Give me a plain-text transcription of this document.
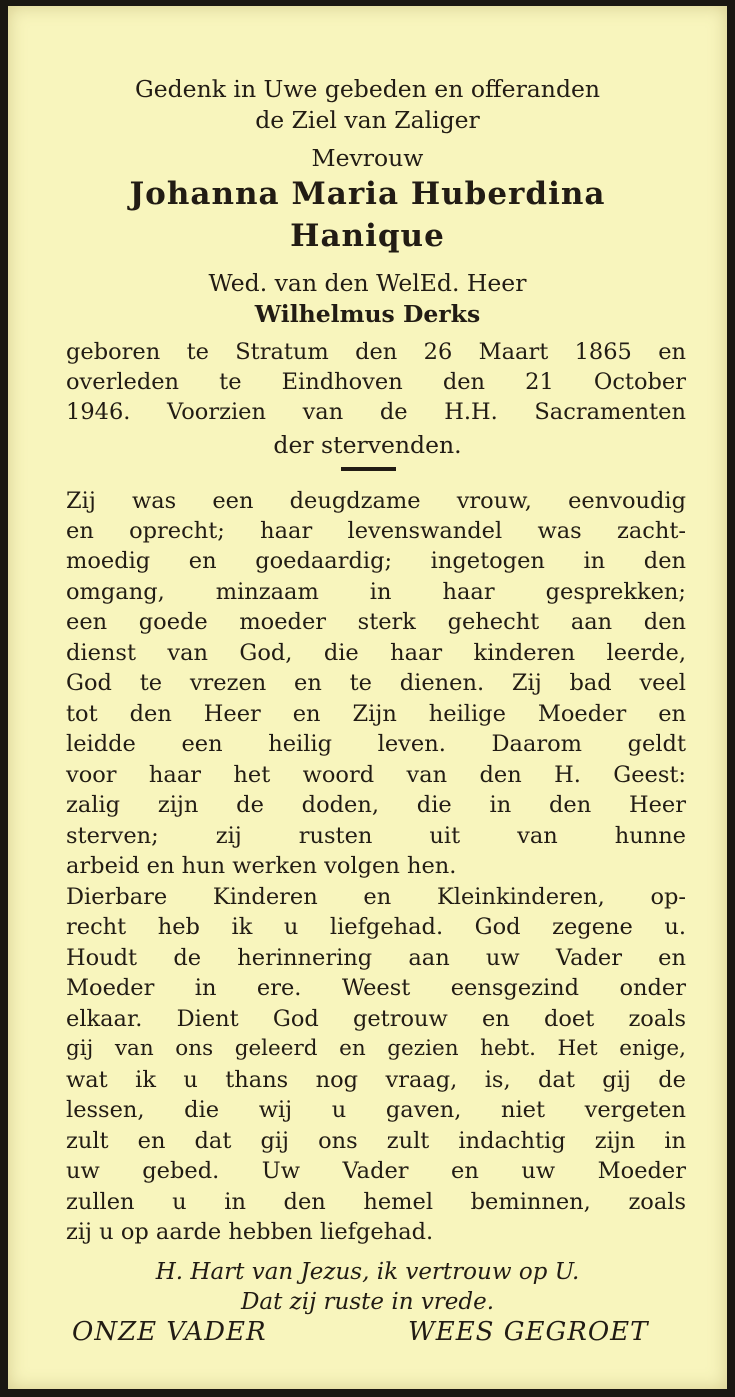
Gedenk in Uwe gebeden en offeranden
de Ziel van Zaliger
Mevrouw
Johanna Maria Huberdina
Hanique
Wed. van den WelEd. Heer
Wilhelmus Derks
geboren te Stratum den 26 Maart 1865 en
overleden te Eindhoven den 21 October
1946. Voorzien van de H.H. Sacramenten
der stervenden.
Zij was een deugdzame vrouw, eenvoudig
en oprecht; haar levenswandel was zacht-
moedig en goedaardig; ingetogen in den
omgang, minzaam in haar gesprekken;
een goede moeder sterk gehecht aan den
dienst van God, die haar kinderen leerde,
God te vrezen en te dienen. Zij bad veel
tot den Heer en Zijn heilige Moeder en
leidde een heilig leven. Daarom geldt
voor haar het woord van den H. Geest:
zalig zijn de doden, die in den Heer
sterven; zij rusten uit van hunne
arbeid en hun werken volgen hen.
Dierbare Kinderen en Kleinkinderen, op-
recht heb ik u liefgehad. God zegene u.
Houdt de herinnering aan uw Vader en
Moeder in ere. Weest eensgezind onder
elkaar. Dient God getrouw en doet zoals
gij van ons geleerd en gezien hebt. Het enige,
wat ik u thans nog vraag, is, dat gij de
lessen, die wij u gaven, niet vergeten
zult en dat gij ons zult indachtig zijn in
uw gebed. Uw Vader en uw Moeder
zullen u in den hemel beminnen, zoals
zij u op aarde hebben liefgehad.
H. Hart van Jezus, ik vertrouw op U.
Dat zij ruste in vrede.
ONZE VADER	WEES GEGROET
